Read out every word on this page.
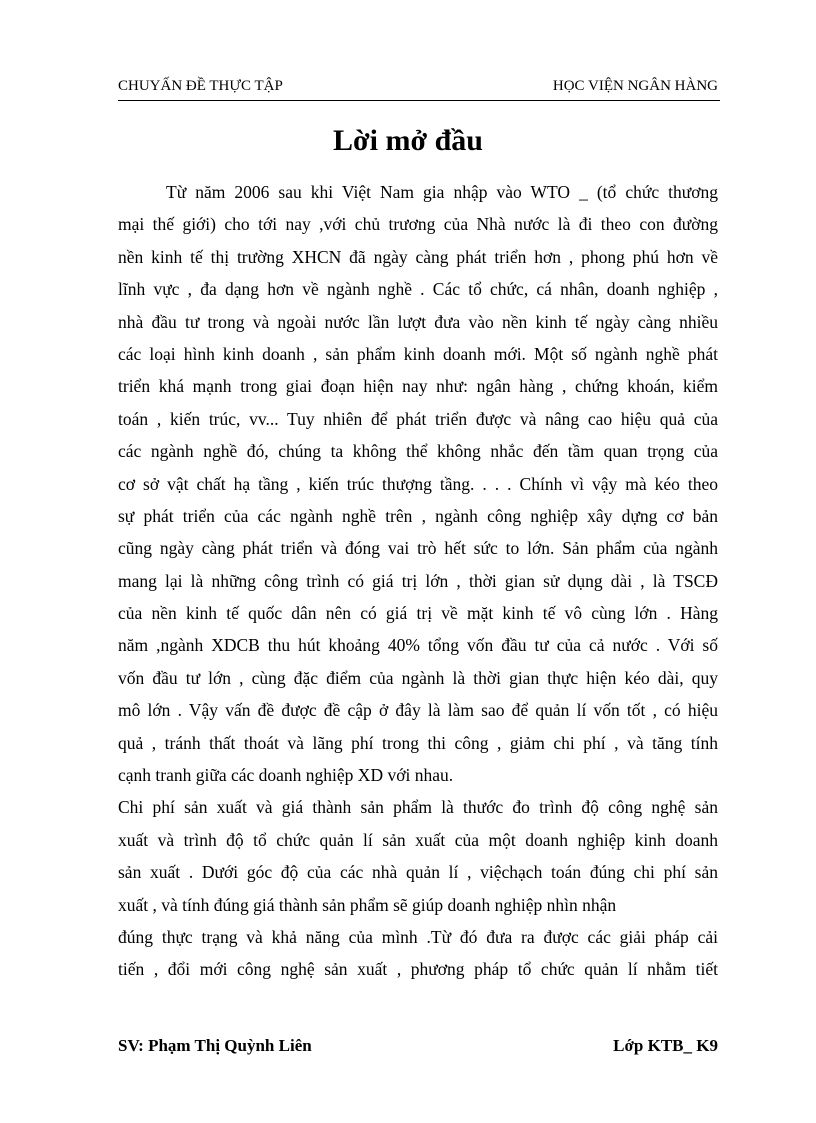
CHUYẤN ĐỀ THỰC TẬP	HỌC VIỆN NGÂN HÀNG
Lời mở đầu
Từ năm 2006 sau khi Việt Nam gia nhập vào WTO _ (tổ chức thương
mại thế giới) cho tới nay ,với chủ trương của Nhà nước là đi theo con đường
nền kinh tế thị trường XHCN đã ngày càng phát triển hơn , phong phú hơn về
lĩnh vực , đa dạng hơn về ngành nghề . Các tổ chức, cá nhân, doanh nghiệp ,
nhà đầu tư trong và ngoài nước lần lượt đưa vào nền kinh tế ngày càng nhiều
các loại hình kinh doanh , sản phẩm kinh doanh mới. Một số ngành nghề phát
triển khá mạnh trong giai đoạn hiện nay như: ngân hàng , chứng khoán, kiểm
toán , kiến trúc, vv... Tuy nhiên để phát triển được và nâng cao hiệu quả của
các ngành nghề đó, chúng ta không thể không nhắc đến tầm quan trọng của
cơ sở vật chất hạ tầng , kiến trúc thượng tầng. . . . Chính vì vậy mà kéo theo
sự phát triển của các ngành nghề trên , ngành công nghiệp xây dựng cơ bản
cũng ngày càng phát triển và đóng vai trò hết sức to lớn. Sản phẩm của ngành
mang lại là những công trình có giá trị lớn , thời gian sử dụng dài , là TSCĐ
của nền kinh tế quốc dân nên có giá trị về mặt kinh tế vô cùng lớn . Hàng
năm ,ngành XDCB thu hút khoảng 40% tổng vốn đầu tư của cả nước . Với số
vốn đầu tư lớn , cùng đặc điểm của ngành là thời gian thực hiện kéo dài, quy
mô lớn . Vậy vấn đề được đề cập ở đây là làm sao để quản lí vốn tốt , có hiệu
quả , tránh thất thoát và lãng phí trong thi công , giảm chi phí , và tăng tính
cạnh tranh giữa các doanh nghiệp XD với nhau.
Chi phí sản xuất và giá thành sản phẩm là thước đo trình độ công nghệ sản
xuất và trình độ tổ chức quản lí sản xuất của một doanh nghiệp kinh doanh
sản xuất . Dưới góc độ của các nhà quản lí , việchạch toán đúng chi phí sản
xuất , và tính đúng giá thành sản phẩm sẽ giúp doanh nghiệp nhìn nhận
đúng thực trạng và khả năng của mình .Từ đó đưa ra được các giải pháp cải
tiến , đổi mới công nghệ sản xuất , phương pháp tổ chức quản lí nhằm tiết
SV: Phạm Thị Quỳnh Liên	Lớp KTB_ K9
